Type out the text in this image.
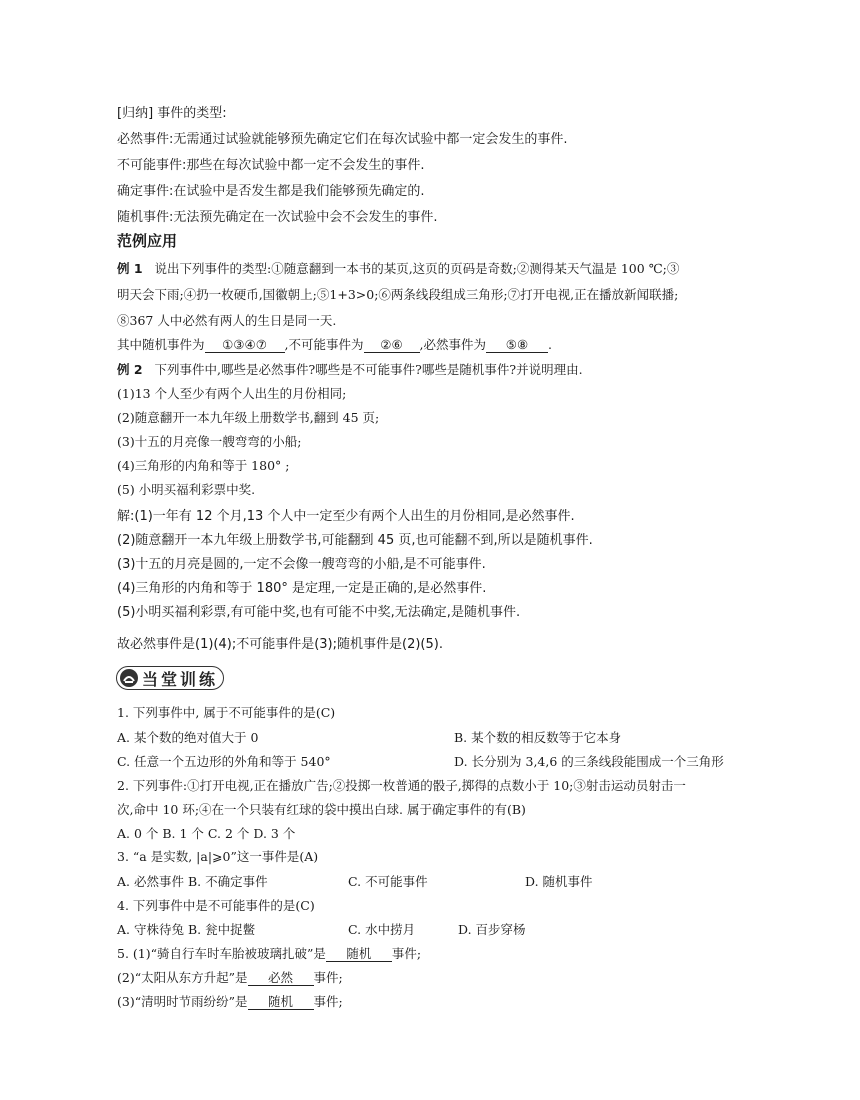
[归纳] 事件的类型:
必然事件:无需通过试验就能够预先确定它们在每次试验中都一定会发生的事件.
不可能事件:那些在每次试验中都一定不会发生的事件.
确定事件:在试验中是否发生都是我们能够预先确定的.
随机事件:无法预先确定在一次试验中会不会发生的事件.
范例应用
例 1 说出下列事件的类型:①随意翻到一本书的某页,这页的页码是奇数;②测得某天气温是 100 ℃;③
明天会下雨;④扔一枚硬币,国徽朝上;⑤1+3>0;⑥两条线段组成三角形;⑦打开电视,正在播放新闻联播;
⑧367 人中必然有两人的生日是同一天.
其中随机事件为 ①③④⑦ ,不可能事件为 ②⑥ ,必然事件为 ⑤⑧ .
例 2 下列事件中,哪些是必然事件?哪些是不可能事件?哪些是随机事件?并说明理由.
(1)13 个人至少有两个人出生的月份相同;
(2)随意翻开一本九年级上册数学书,翻到 45 页;
(3)十五的月亮像一艘弯弯的小船;
(4)三角形的内角和等于 180° ;
(5) 小明买福利彩票中奖.
解:(1)一年有 12 个月,13 个人中一定至少有两个人出生的月份相同,是必然事件.
(2)随意翻开一本九年级上册数学书,可能翻到 45 页,也可能翻不到,所以是随机事件.
(3)十五的月亮是圆的,一定不会像一艘弯弯的小船,是不可能事件.
(4)三角形的内角和等于 180° 是定理,一定是正确的,是必然事件.
(5)小明买福利彩票,有可能中奖,也有可能不中奖,无法确定,是随机事件.
故必然事件是(1)(4);不可能事件是(3);随机事件是(2)(5).
当堂训练
1. 下列事件中, 属于不可能事件的是(C)
A. 某个数的绝对值大于 0	B. 某个数的相反数等于它本身
C. 任意一个五边形的外角和等于 540°	D. 长分别为 3,4,6 的三条线段能围成一个三角形
2. 下列事件:①打开电视,正在播放广告;②投掷一枚普通的骰子,掷得的点数小于 10;③射击运动员射击一
次,命中 10 环;④在一个只装有红球的袋中摸出白球. 属于确定事件的有(B)
A. 0 个 B. 1 个 C. 2 个 D. 3 个
3. “a 是实数, |a|⩾0”这一事件是(A)
A. 必然事件 B. 不确定事件	C. 不可能事件	D. 随机事件
4. 下列事件中是不可能事件的是(C)
A. 守株待兔 B. 瓮中捉鳖	C. 水中捞月	D. 百步穿杨
5. (1)“骑自行车时车胎被玻璃扎破”是 随机 事件;
(2)“太阳从东方升起”是 必然 事件;
(3)“清明时节雨纷纷”是 随机 事件;
